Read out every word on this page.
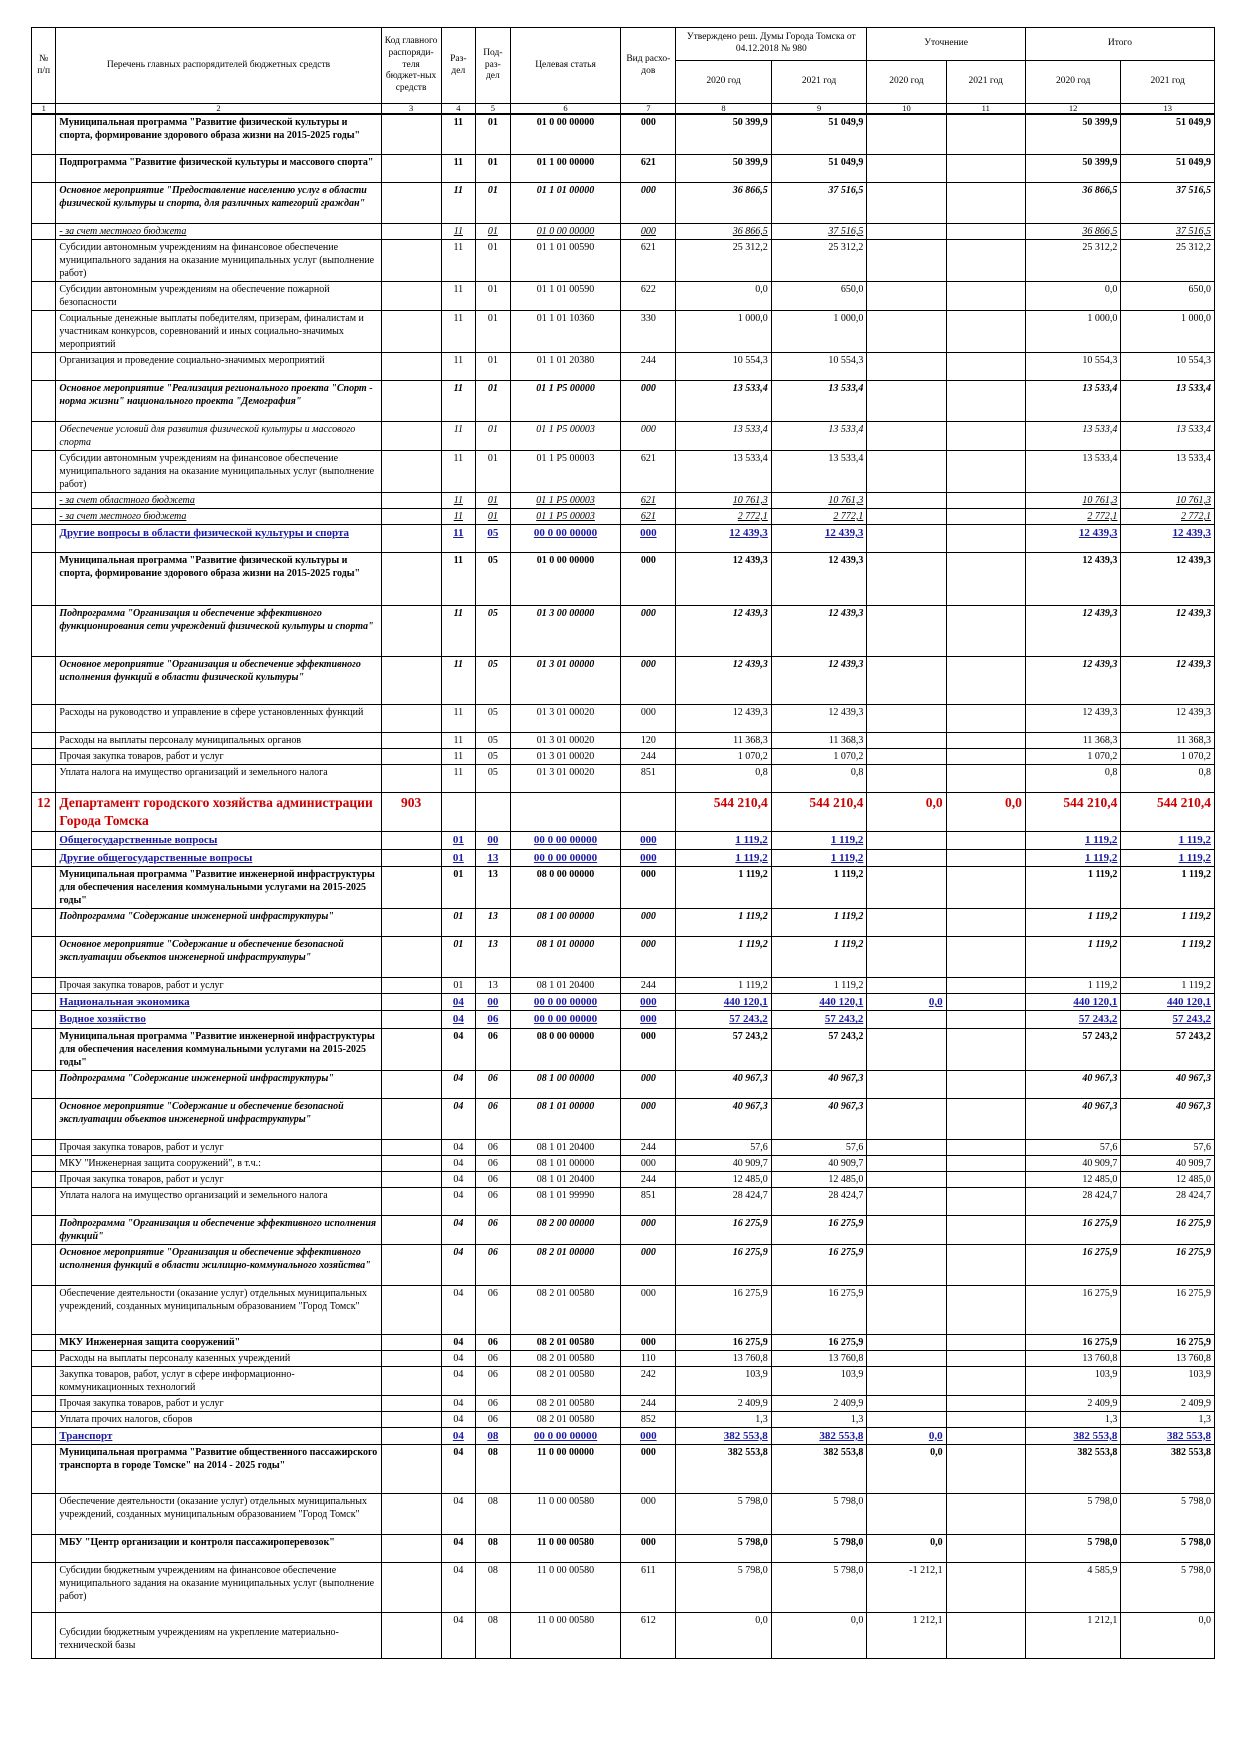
№ п/п	Перечень главных распорядителей бюджетных средств	Код главного распоряди-теля бюджет-ных средств	Раз-дел	Под-раз-дел	Целевая статья	Вид расхо-дов	Утверждено реш. Думы Города Томска от 04.12.2018 № 980		Уточнение		Итого	
							2020 год	2021 год	2020 год	2021 год	2020 год	2021 год
1	2	3	4	5	6	7	8	9	10	11	12	13
	Муниципальная программа "Развитие физической культуры и спорта, формирование здорового образа жизни на 2015-2025 годы"		11	01	01 0 00 00000	000	50 399,9	51 049,9			50 399,9	51 049,9
	Подпрограмма "Развитие физической культуры и массового спорта"		11	01	01 1 00 00000	621	50 399,9	51 049,9			50 399,9	51 049,9
	Основное мероприятие "Предоставление населению услуг в области физической культуры и спорта, для различных категорий граждан"		11	01	01 1 01 00000	000	36 866,5	37 516,5			36 866,5	37 516,5
	- за счет местного бюджета		11	01	01 0 00 00000	000	36 866,5	37 516,5			36 866,5	37 516,5
	Субсидии автономным учреждениям на финансовое обеспечение муниципального задания на оказание муниципальных услуг (выполнение работ)		11	01	01 1 01 00590	621	25 312,2	25 312,2			25 312,2	25 312,2
	Субсидии автономным учреждениям на обеспечение пожарной безопасности		11	01	01 1 01 00590	622	0,0	650,0			0,0	650,0
	Социальные денежные выплаты победителям, призерам, финалистам и участникам конкурсов, соревнований и иных социально-значимых мероприятий		11	01	01 1 01 10360	330	1 000,0	1 000,0			1 000,0	1 000,0
	Организация и проведение социально-значимых мероприятий		11	01	01 1 01 20380	244	10 554,3	10 554,3			10 554,3	10 554,3
	Основное мероприятие "Реализация регионального проекта "Спорт - норма жизни" национального проекта "Демография"		11	01	01 1 P5 00000	000	13 533,4	13 533,4			13 533,4	13 533,4
	Обеспечение условий для развития физической культуры и массового спорта		11	01	01 1 P5 00003	000	13 533,4	13 533,4			13 533,4	13 533,4
	Субсидии автономным учреждениям на финансовое обеспечение муниципального задания на оказание муниципальных услуг (выполнение работ)		11	01	01 1 P5 00003	621	13 533,4	13 533,4			13 533,4	13 533,4
	- за счет областного бюджета		11	01	01 1 P5 00003	621	10 761,3	10 761,3			10 761,3	10 761,3
	- за счет местного бюджета		11	01	01 1 P5 00003	621	2 772,1	2 772,1			2 772,1	2 772,1
	Другие вопросы в области физической культуры и спорта		11	05	00 0 00 00000	000	12 439,3	12 439,3			12 439,3	12 439,3
	Муниципальная программа "Развитие физической культуры и спорта, формирование здорового образа жизни на 2015-2025 годы"		11	05	01 0 00 00000	000	12 439,3	12 439,3			12 439,3	12 439,3
	Подпрограмма "Организация и обеспечение эффективного функционирования сети учреждений физической культуры и спорта"		11	05	01 3 00 00000	000	12 439,3	12 439,3			12 439,3	12 439,3
	Основное мероприятие "Организация и обеспечение эффективного исполнения функций в области физической культуры"		11	05	01 3 01 00000	000	12 439,3	12 439,3			12 439,3	12 439,3
	Расходы на руководство и управление в сфере установленных функций		11	05	01 3 01 00020	000	12 439,3	12 439,3			12 439,3	12 439,3
	Расходы на выплаты персоналу муниципальных органов		11	05	01 3 01 00020	120	11 368,3	11 368,3			11 368,3	11 368,3
	Прочая закупка товаров, работ и услуг		11	05	01 3 01 00020	244	1 070,2	1 070,2			1 070,2	1 070,2
	Уплата налога на имущество организаций и земельного налога		11	05	01 3 01 00020	851	0,8	0,8			0,8	0,8
12	Департамент городского хозяйства администрации Города Томска	903					544 210,4	544 210,4	0,0	0,0	544 210,4	544 210,4
	Общегосударственные вопросы		01	00	00 0 00 00000	000	1 119,2	1 119,2			1 119,2	1 119,2
	Другие общегосударственные вопросы		01	13	00 0 00 00000	000	1 119,2	1 119,2			1 119,2	1 119,2
	Муниципальная программа "Развитие инженерной инфраструктуры для обеспечения населения коммунальными услугами на 2015-2025 годы"		01	13	08 0 00 00000	000	1 119,2	1 119,2			1 119,2	1 119,2
	Подпрограмма "Содержание инженерной инфраструктуры"		01	13	08 1 00 00000	000	1 119,2	1 119,2			1 119,2	1 119,2
	Основное мероприятие "Содержание и обеспечение безопасной эксплуатации объектов инженерной инфраструктуры"		01	13	08 1 01 00000	000	1 119,2	1 119,2			1 119,2	1 119,2
	Прочая закупка товаров, работ и услуг		01	13	08 1 01 20400	244	1 119,2	1 119,2			1 119,2	1 119,2
	Национальная экономика		04	00	00 0 00 00000	000	440 120,1	440 120,1	0,0		440 120,1	440 120,1
	Водное хозяйство		04	06	00 0 00 00000	000	57 243,2	57 243,2			57 243,2	57 243,2
	Муниципальная программа "Развитие инженерной инфраструктуры для обеспечения населения коммунальными услугами на 2015-2025 годы"		04	06	08 0 00 00000	000	57 243,2	57 243,2			57 243,2	57 243,2
	Подпрограмма "Содержание инженерной инфраструктуры"		04	06	08 1 00 00000	000	40 967,3	40 967,3			40 967,3	40 967,3
	Основное мероприятие "Содержание и обеспечение безопасной эксплуатации объектов инженерной инфраструктуры"		04	06	08 1 01 00000	000	40 967,3	40 967,3			40 967,3	40 967,3
	Прочая закупка товаров, работ и услуг		04	06	08 1 01 20400	244	57,6	57,6			57,6	57,6
	МКУ "Инженерная защита сооружений", в т.ч.:		04	06	08 1 01 00000	000	40 909,7	40 909,7			40 909,7	40 909,7
	Прочая закупка товаров, работ и услуг		04	06	08 1 01 20400	244	12 485,0	12 485,0			12 485,0	12 485,0
	Уплата налога на имущество организаций и земельного налога		04	06	08 1 01 99990	851	28 424,7	28 424,7			28 424,7	28 424,7
	Подпрограмма "Организация и обеспечение эффективного исполнения функций"		04	06	08 2 00 00000	000	16 275,9	16 275,9			16 275,9	16 275,9
	Основное мероприятие "Организация и обеспечение эффективного исполнения функций в области жилищно-коммунального хозяйства"		04	06	08 2 01 00000	000	16 275,9	16 275,9			16 275,9	16 275,9
	Обеспечение деятельности (оказание услуг) отдельных муниципальных учреждений, созданных муниципальным образованием "Город Томск"		04	06	08 2 01 00580	000	16 275,9	16 275,9			16 275,9	16 275,9
	МКУ Инженерная защита сооружений"		04	06	08 2 01 00580	000	16 275,9	16 275,9			16 275,9	16 275,9
	Расходы на выплаты персоналу казенных учреждений		04	06	08 2 01 00580	110	13 760,8	13 760,8			13 760,8	13 760,8
	Закупка товаров, работ, услуг в сфере информационно-коммуникационных технологий		04	06	08 2 01 00580	242	103,9	103,9			103,9	103,9
	Прочая закупка товаров, работ и услуг		04	06	08 2 01 00580	244	2 409,9	2 409,9			2 409,9	2 409,9
	Уплата прочих налогов, сборов		04	06	08 2 01 00580	852	1,3	1,3			1,3	1,3
	Транспорт		04	08	00 0 00 00000	000	382 553,8	382 553,8	0,0		382 553,8	382 553,8
	Муниципальная программа "Развитие общественного пассажирского транспорта в городе Томске" на 2014 - 2025 годы"		04	08	11 0 00 00000	000	382 553,8	382 553,8	0,0		382 553,8	382 553,8
	Обеспечение деятельности (оказание услуг) отдельных муниципальных учреждений, созданных муниципальным образованием "Город Томск"		04	08	11 0 00 00580	000	5 798,0	5 798,0			5 798,0	5 798,0
	МБУ "Центр организации и контроля пассажироперевозок"		04	08	11 0 00 00580	000	5 798,0	5 798,0	0,0		5 798,0	5 798,0
	Субсидии бюджетным учреждениям на финансовое обеспечение муниципального задания на оказание муниципальных услуг (выполнение работ)		04	08	11 0 00 00580	611	5 798,0	5 798,0	-1 212,1		4 585,9	5 798,0
	Субсидии бюджетным учреждениям на укрепление материально-технической базы		04	08	11 0 00 00580	612	0,0	0,0	1 212,1		1 212,1	0,0
